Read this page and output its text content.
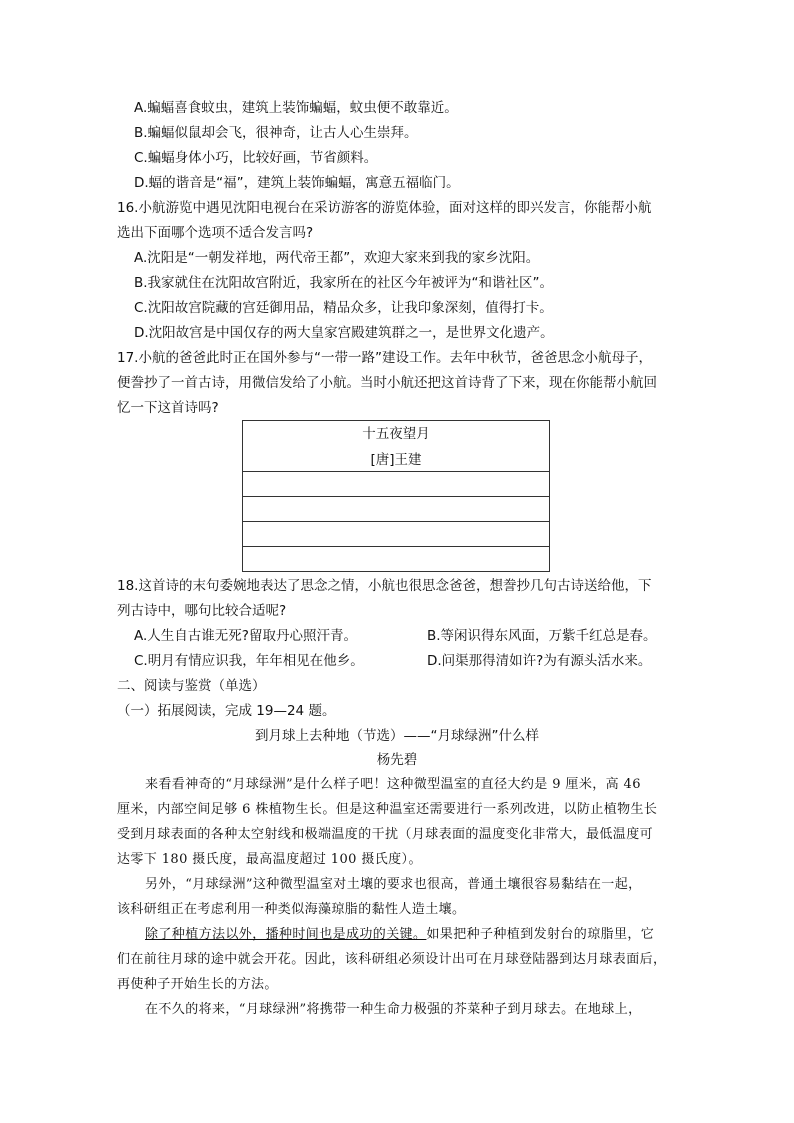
A.蝙蝠喜食蚊虫，建筑上装饰蝙蝠，蚊虫便不敢靠近。
B.蝙蝠似鼠却会飞，很神奇，让古人心生崇拜。
C.蝙蝠身体小巧，比较好画，节省颜料。
D.蝠的谐音是“福”，建筑上装饰蝙蝠，寓意五福临门。
16.小航游览中遇见沈阳电视台在采访游客的游览体验，面对这样的即兴发言，你能帮小航
选出下面哪个选项不适合发言吗?
A.沈阳是“一朝发祥地，两代帝王都”，欢迎大家来到我的家乡沈阳。
B.我家就住在沈阳故宫附近，我家所在的社区今年被评为“和谐社区”。
C.沈阳故宫院藏的宫廷御用品，精品众多，让我印象深刻，值得打卡。
D.沈阳故宫是中国仅存的两大皇家宫殿建筑群之一，是世界文化遗产。
17.小航的爸爸此时正在国外参与“一带一路”建设工作。去年中秋节，爸爸思念小航母子，
便誊抄了一首古诗，用微信发给了小航。当时小航还把这首诗背了下来，现在你能帮小航回
忆一下这首诗吗?
十五夜望月
[唐]王建
18.这首诗的末句委婉地表达了思念之情，小航也很思念爸爸，想誊抄几句古诗送给他，下
列古诗中，哪句比较合适呢?
A.人生自古谁无死?留取丹心照汗青。	B.等闲识得东风面，万紫千红总是春。
C.明月有情应识我，年年相见在他乡。	D.问渠那得清如许?为有源头活水来。
二、阅读与鉴赏（单选）
（一）拓展阅读，完成 19—24 题。
到月球上去种地（节选）——“月球绿洲”什么样
杨先碧
来看看神奇的“月球绿洲”是什么样子吧！这种微型温室的直径大约是 9 厘米，高 46
厘米，内部空间足够 6 株植物生长。但是这种温室还需要进行一系列改进，以防止植物生长
受到月球表面的各种太空射线和极端温度的干扰（月球表面的温度变化非常大，最低温度可
达零下 180 摄氏度，最高温度超过 100 摄氏度）。
另外，“月球绿洲”这种微型温室对土壤的要求也很高，普通土壤很容易黏结在一起，
该科研组正在考虑利用一种类似海藻琼脂的黏性人造土壤。
除了种植方法以外，播种时间也是成功的关键。如果把种子种植到发射台的琼脂里，它
们在前往月球的途中就会开花。因此，该科研组必须设计出可在月球登陆器到达月球表面后，
再使种子开始生长的方法。
在不久的将来，“月球绿洲”将携带一种生命力极强的芥菜种子到月球去。在地球上，
